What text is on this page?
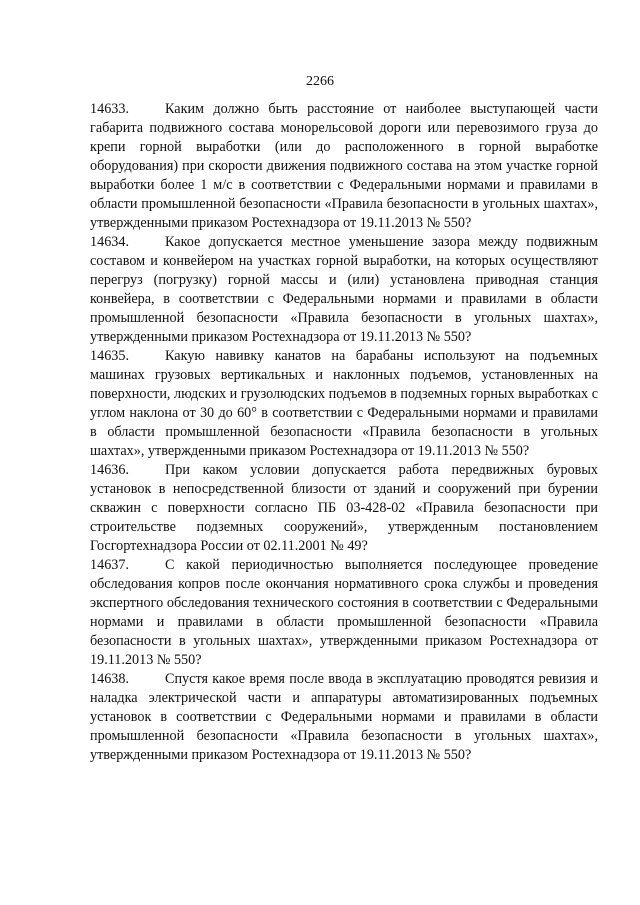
2266

14633.	Каким должно быть расстояние от наиболее выступающей части габарита подвижного состава монорельсовой дороги или перевозимого груза до крепи горной выработки (или до расположенного в горной выработке оборудования) при скорости движения подвижного состава на этом участке горной выработки более 1 м/с в соответствии с Федеральными нормами и правилами в области промышленной безопасности «Правила безопасности в угольных шахтах», утвержденными приказом Ростехнадзора от 19.11.2013 № 550?

14634.	Какое допускается местное уменьшение зазора между подвижным составом и конвейером на участках горной выработки, на которых осуществляют перегруз (погрузку) горной массы и (или) установлена приводная станция конвейера, в соответствии с Федеральными нормами и правилами в области промышленной безопасности «Правила безопасности в угольных шахтах», утвержденными приказом Ростехнадзора от 19.11.2013 № 550?

14635.	Какую навивку канатов на барабаны используют на подъемных машинах грузовых вертикальных и наклонных подъемов, установленных на поверхности, людских и грузолюдских подъемов в подземных горных выработках с углом наклона от 30 до 60° в соответствии с Федеральными нормами и правилами в области промышленной безопасности «Правила безопасности в угольных шахтах», утвержденными приказом Ростехнадзора от 19.11.2013 № 550?

14636.	При каком условии допускается работа передвижных буровых установок в непосредственной близости от зданий и сооружений при бурении скважин с поверхности согласно ПБ 03-428-02 «Правила безопасности при строительстве подземных сооружений», утвержденным постановлением Госгортехнадзора России от 02.11.2001 № 49?

14637.	С какой периодичностью выполняется последующее проведение обследования копров после окончания нормативного срока службы и проведения экспертного обследования технического состояния в соответствии с Федеральными нормами и правилами в области промышленной безопасности «Правила безопасности в угольных шахтах», утвержденными приказом Ростехнадзора от 19.11.2013 № 550?

14638.	Спустя какое время после ввода в эксплуатацию проводятся ревизия и наладка электрической части и аппаратуры автоматизированных подъемных установок в соответствии с Федеральными нормами и правилами в области промышленной безопасности «Правила безопасности в угольных шахтах», утвержденными приказом Ростехнадзора от 19.11.2013 № 550?
